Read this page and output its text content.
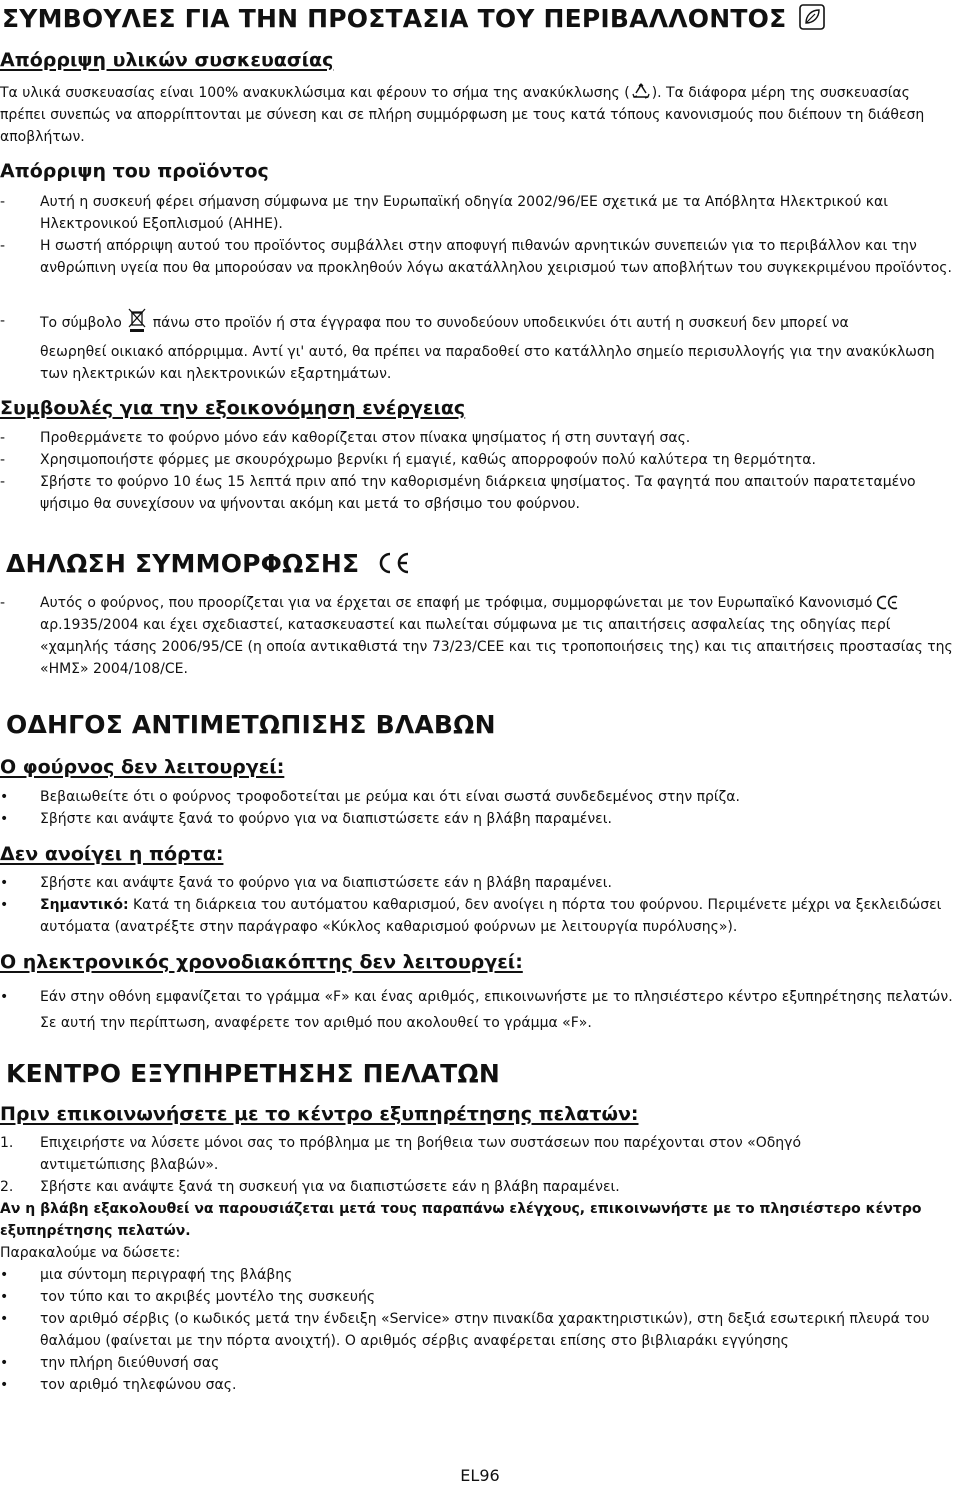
ΣΥΜΒΟΥΛΕΣ ΓΙΑ ΤΗΝ ΠΡΟΣΤΑΣΙΑ ΤΟΥ ΠΕΡΙΒΑΛΛΟΝΤΟΣ
Απόρριψη υλικών συσκευασίας
Τα υλικά συσκευασίας είναι 100% ανακυκλώσιμα και φέρουν το σήμα της ανακύκλωσης ( ). Τα διάφορα μέρη της συσκευασίας πρέπει συνεπώς να απορρίπτονται με σύνεση και σε πλήρη συμμόρφωση με τους κατά τόπους κανονισμούς που διέπουν τη διάθεση αποβλήτων.
Απόρριψη του προϊόντος
- Αυτή η συσκευή φέρει σήμανση σύμφωνα με την Ευρωπαϊκή οδηγία 2002/96/ΕΕ σχετικά με τα Απόβλητα Ηλεκτρικού και Ηλεκτρονικού Εξοπλισμού (ΑΗΗΕ).
- Η σωστή απόρριψη αυτού του προϊόντος συμβάλλει στην αποφυγή πιθανών αρνητικών συνεπειών για το περιβάλλον και την ανθρώπινη υγεία που θα μπορούσαν να προκληθούν λόγω ακατάλληλου χειρισμού των αποβλήτων του συγκεκριμένου προϊόντος.
- Το σύμβολο πάνω στο προϊόν ή στα έγγραφα που το συνοδεύουν υποδεικνύει ότι αυτή η συσκευή δεν μπορεί να
θεωρηθεί οικιακό απόρριμμα. Αντί γι' αυτό, θα πρέπει να παραδοθεί στο κατάλληλο σημείο περισυλλογής για την ανακύκλωση των ηλεκτρικών και ηλεκτρονικών εξαρτημάτων.
Συμβουλές για την εξοικονόμηση ενέργειας
- Προθερμάνετε το φούρνο μόνο εάν καθορίζεται στον πίνακα ψησίματος ή στη συνταγή σας.
- Χρησιμοποιήστε φόρμες με σκουρόχρωμο βερνίκι ή εμαγιέ, καθώς απορροφούν πολύ καλύτερα τη θερμότητα.
- Σβήστε το φούρνο 10 έως 15 λεπτά πριν από την καθορισμένη διάρκεια ψησίματος. Τα φαγητά που απαιτούν παρατεταμένο ψήσιμο θα συνεχίσουν να ψήνονται ακόμη και μετά το σβήσιμο του φούρνου.
ΔΗΛΩΣΗ ΣΥΜΜΟΡΦΩΣΗΣ
- Αυτός ο φούρνος, που προορίζεται για να έρχεται σε επαφή με τρόφιμα, συμμορφώνεται με τον Ευρωπαϊκό Κανονισμό
αρ.1935/2004 και έχει σχεδιαστεί, κατασκευαστεί και πωλείται σύμφωνα με τις απαιτήσεις ασφαλείας της οδηγίας περί «χαμηλής τάσης 2006/95/CE (η οποία αντικαθιστά την 73/23/CEE και τις τροποποιήσεις της) και τις απαιτήσεις προστασίας της «ΗΜΣ» 2004/108/CE.
ΟΔΗΓΟΣ ΑΝΤΙΜΕΤΩΠΙΣΗΣ ΒΛΑΒΩΝ
Ο φούρνος δεν λειτουργεί:
• Βεβαιωθείτε ότι ο φούρνος τροφοδοτείται με ρεύμα και ότι είναι σωστά συνδεδεμένος στην πρίζα.
• Σβήστε και ανάψτε ξανά το φούρνο για να διαπιστώσετε εάν η βλάβη παραμένει.
Δεν ανοίγει η πόρτα:
• Σβήστε και ανάψτε ξανά το φούρνο για να διαπιστώσετε εάν η βλάβη παραμένει.
• Σημαντικό: Κατά τη διάρκεια του αυτόματου καθαρισμού, δεν ανοίγει η πόρτα του φούρνου. Περιμένετε μέχρι να ξεκλειδώσει αυτόματα (ανατρέξτε στην παράγραφο «Κύκλος καθαρισμού φούρνων με λειτουργία πυρόλυσης»).
Ο ηλεκτρονικός χρονοδιακόπτης δεν λειτουργεί:
• Εάν στην οθόνη εμφανίζεται το γράμμα «F» και ένας αριθμός, επικοινωνήστε με το πλησιέστερο κέντρο εξυπηρέτησης πελατών. Σε αυτή την περίπτωση, αναφέρετε τον αριθμό που ακολουθεί το γράμμα «F».
ΚΕΝΤΡΟ ΕΞΥΠΗΡΕΤΗΣΗΣ ΠΕΛΑΤΩΝ
Πριν επικοινωνήσετε με το κέντρο εξυπηρέτησης πελατών:
1. Επιχειρήστε να λύσετε μόνοι σας το πρόβλημα με τη βοήθεια των συστάσεων που παρέχονται στον «Οδηγό αντιμετώπισης βλαβών».
2. Σβήστε και ανάψτε ξανά τη συσκευή για να διαπιστώσετε εάν η βλάβη παραμένει.
Αν η βλάβη εξακολουθεί να παρουσιάζεται μετά τους παραπάνω ελέγχους, επικοινωνήστε με το πλησιέστερο κέντρο εξυπηρέτησης πελατών.
Παρακαλούμε να δώσετε:
• μια σύντομη περιγραφή της βλάβης
• τον τύπο και το ακριβές μοντέλο της συσκευής
• τον αριθμό σέρβις (ο κωδικός μετά την ένδειξη «Service» στην πινακίδα χαρακτηριστικών), στη δεξιά εσωτερική πλευρά του θαλάμου (φαίνεται με την πόρτα ανοιχτή). Ο αριθμός σέρβις αναφέρεται επίσης στο βιβλιαράκι εγγύησης
• την πλήρη διεύθυνσή σας
• τον αριθμό τηλεφώνου σας.
EL96
